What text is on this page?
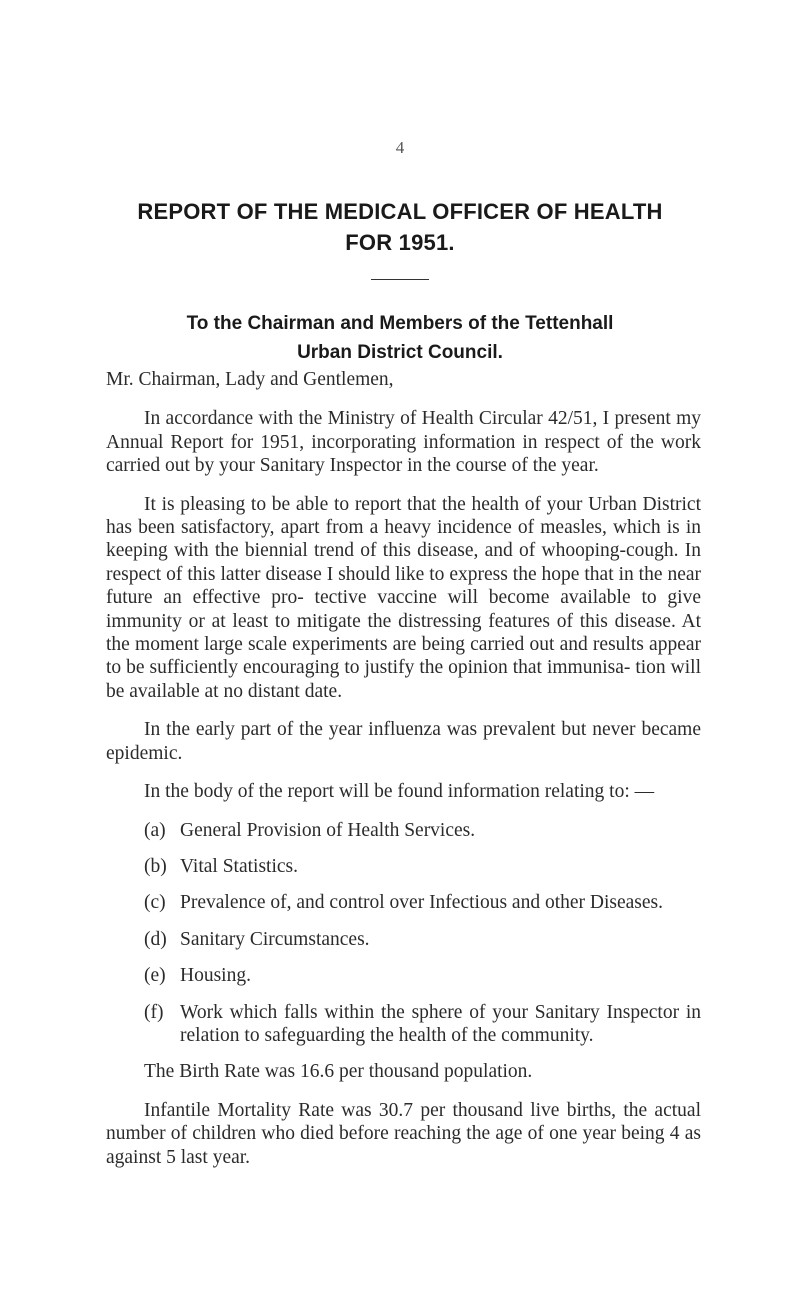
4
REPORT OF THE MEDICAL OFFICER OF HEALTH
FOR 1951.
To the Chairman and Members of the Tettenhall
Urban District Council.

Mr. Chairman, Lady and Gentlemen,

In accordance with the Ministry of Health Circular 42/51, I present my Annual Report for 1951, incorporating information in respect of the work carried out by your Sanitary Inspector in the course of the year.

It is pleasing to be able to report that the health of your Urban District has been satisfactory, apart from a heavy incidence of measles, which is in keeping with the biennial trend of this disease, and of whooping-cough. In respect of this latter disease I should like to express the hope that in the near future an effective pro- tective vaccine will become available to give immunity or at least to mitigate the distressing features of this disease. At the moment large scale experiments are being carried out and results appear to be sufficiently encouraging to justify the opinion that immunisa- tion will be available at no distant date.

In the early part of the year influenza was prevalent but never became epidemic.

In the body of the report will be found information relating to: —

(a) General Provision of Health Services.
(b) Vital Statistics.
(c) Prevalence of, and control over Infectious and other Diseases.
(d) Sanitary Circumstances.
(e) Housing.
(f) Work which falls within the sphere of your Sanitary Inspector in relation to safeguarding the health of the community.

The Birth Rate was 16.6 per thousand population.

Infantile Mortality Rate was 30.7 per thousand live births, the actual number of children who died before reaching the age of one year being 4 as against 5 last year.
